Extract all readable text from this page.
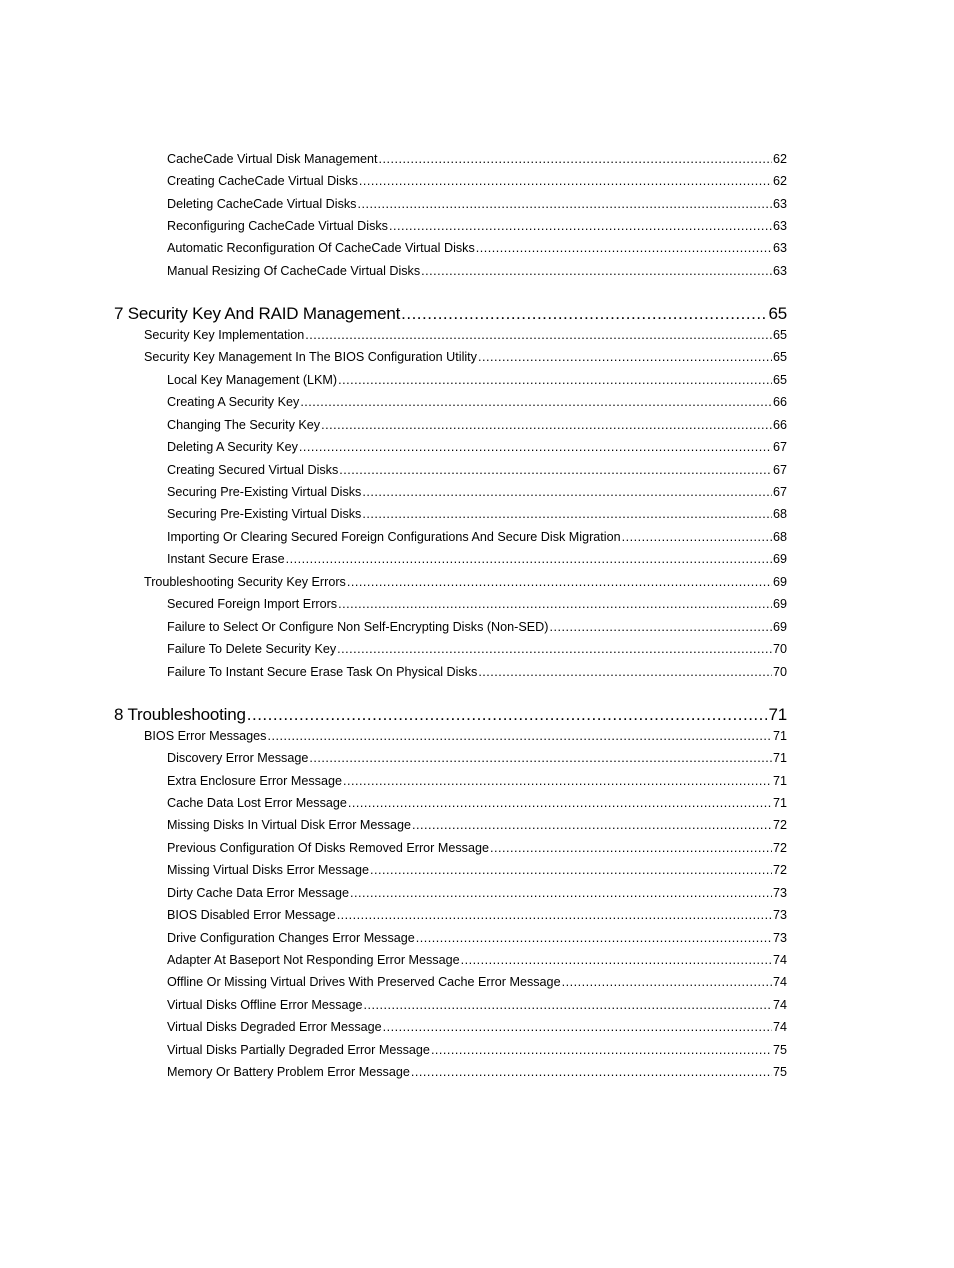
CacheCade Virtual Disk Management .....	62
Creating CacheCade Virtual Disks .....	62
Deleting CacheCade Virtual Disks .....	63
Reconfiguring CacheCade Virtual Disks .....	63
Automatic Reconfiguration Of CacheCade Virtual Disks .....	63
Manual Resizing Of CacheCade Virtual Disks .....	63
7 Security Key And RAID Management .....	65
Security Key Implementation .....	65
Security Key Management In The BIOS Configuration Utility .....	65
Local Key Management (LKM) .....	65
Creating A Security Key .....	66
Changing The Security Key .....	66
Deleting A Security Key .....	67
Creating Secured Virtual Disks .....	67
Securing Pre-Existing Virtual Disks .....	67
Securing Pre-Existing Virtual Disks .....	68
Importing Or Clearing Secured Foreign Configurations And Secure Disk Migration .....	68
Instant Secure Erase .....	69
Troubleshooting Security Key Errors .....	69
Secured Foreign Import Errors .....	69
Failure to Select Or Configure Non Self-Encrypting Disks (Non-SED) .....	69
Failure To Delete Security Key .....	70
Failure To Instant Secure Erase Task On Physical Disks .....	70
8 Troubleshooting .....	71
BIOS Error Messages .....	71
Discovery Error Message .....	71
Extra Enclosure Error Message .....	71
Cache Data Lost Error Message .....	71
Missing Disks In Virtual Disk Error Message .....	72
Previous Configuration Of Disks Removed Error Message .....	72
Missing Virtual Disks Error Message .....	72
Dirty Cache Data Error Message .....	73
BIOS Disabled Error Message .....	73
Drive Configuration Changes Error Message .....	73
Adapter At Baseport Not Responding Error Message .....	74
Offline Or Missing Virtual Drives With Preserved Cache Error Message .....	74
Virtual Disks Offline Error Message .....	74
Virtual Disks Degraded Error Message .....	74
Virtual Disks Partially Degraded Error Message .....	75
Memory Or Battery Problem Error Message .....	75
